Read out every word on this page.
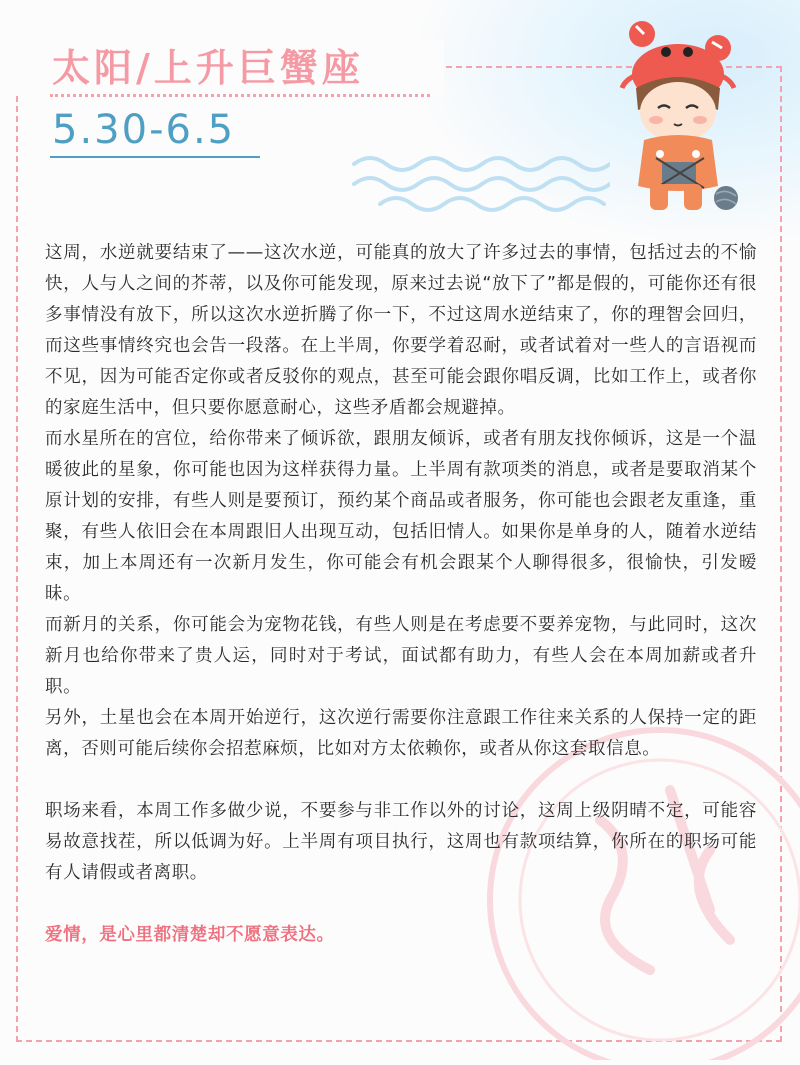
太阳/上升巨蟹座
5.30-6.5

这周，水逆就要结束了——这次水逆，可能真的放大了许多过去的事情，包括过去的不愉快，人与人之间的芥蒂，以及你可能发现，原来过去说“放下了”都是假的，可能你还有很多事情没有放下，所以这次水逆折腾了你一下，不过这周水逆结束了，你的理智会回归，而这些事情终究也会告一段落。在上半周，你要学着忍耐，或者试着对一些人的言语视而不见，因为可能否定你或者反驳你的观点，甚至可能会跟你唱反调，比如工作上，或者你的家庭生活中，但只要你愿意耐心，这些矛盾都会规避掉。

而水星所在的宫位，给你带来了倾诉欲，跟朋友倾诉，或者有朋友找你倾诉，这是一个温暖彼此的星象，你可能也因为这样获得力量。上半周有款项类的消息，或者是要取消某个原计划的安排，有些人则是要预订，预约某个商品或者服务，你可能也会跟老友重逢，重聚，有些人依旧会在本周跟旧人出现互动，包括旧情人。如果你是单身的人，随着水逆结束，加上本周还有一次新月发生，你可能会有机会跟某个人聊得很多，很愉快，引发暧昧。

而新月的关系，你可能会为宠物花钱，有些人则是在考虑要不要养宠物，与此同时，这次新月也给你带来了贵人运，同时对于考试，面试都有助力，有些人会在本周加薪或者升职。

另外，土星也会在本周开始逆行，这次逆行需要你注意跟工作往来关系的人保持一定的距离，否则可能后续你会招惹麻烦，比如对方太依赖你，或者从你这套取信息。

职场来看，本周工作多做少说，不要参与非工作以外的讨论，这周上级阴晴不定，可能容易故意找茬，所以低调为好。上半周有项目执行，这周也有款项结算，你所在的职场可能有人请假或者离职。

爱情，是心里都清楚却不愿意表达。
